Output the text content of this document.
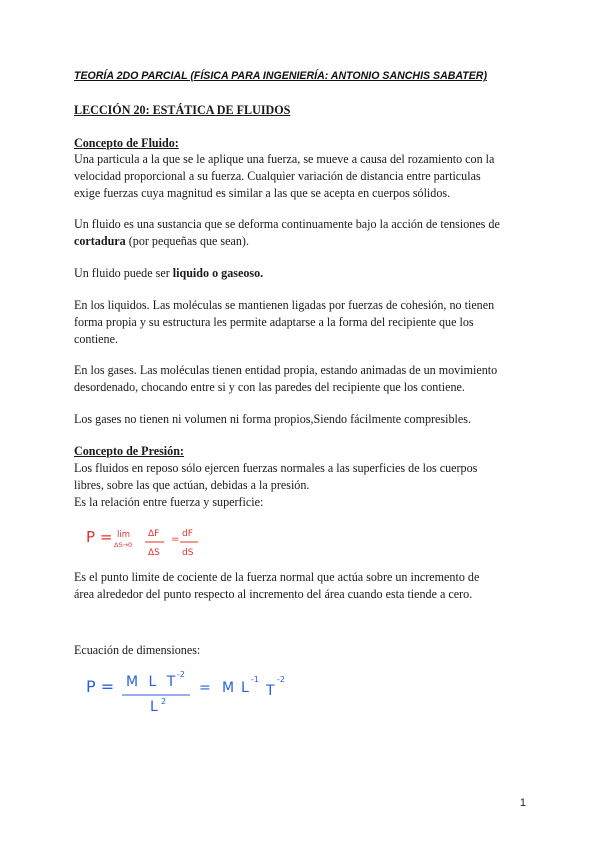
TEORÍA 2DO PARCIAL (FÍSICA PARA INGENIERÍA: ANTONIO SANCHIS SABATER)
LECCIÓN 20: ESTÁTICA DE FLUIDOS
Concepto de Fluido:

Una particula a la que se le aplique una fuerza, se mueve a causa del rozamiento con la
velocidad proporcional a su fuerza. Cualquier variación de distancia entre particulas
exige fuerzas cuya magnitud es similar a las que se acepta en cuerpos sólidos.

Un fluido es una sustancia que se deforma continuamente bajo la acción de tensiones de
cortadura (por pequeñas que sean).

Un fluido puede ser liquido o gaseoso.

En los liquidos. Las moléculas se mantienen ligadas por fuerzas de cohesión, no tienen
forma propia y su estructura les permite adaptarse a la forma del recipiente que los
contiene.

En los gases. Las moléculas tienen entidad propia, estando animadas de un movimiento
desordenado, chocando entre si y con las paredes del recipiente que los contiene.

Los gases no tienen ni volumen ni forma propios,Siendo fácilmente compresibles.

Concepto de Presión:

Los fluidos en reposo sólo ejercen fuerzas normales a las superficies de los cuerpos
libres, sobre las que actúan, debidas a la presión.
Es la relación entre fuerza y superficie:

P = lim
ΔS→0
ΔF
ΔS
= dF
dS

Es el punto limite de cociente de la fuerza normal que actúa sobre un incremento de
área alrededor del punto respecto al incremento del área cuando esta tiende a cero.

Ecuación de dimensiones:

P = M L T
-2
L 2
= M L
-1
T
-2
1
